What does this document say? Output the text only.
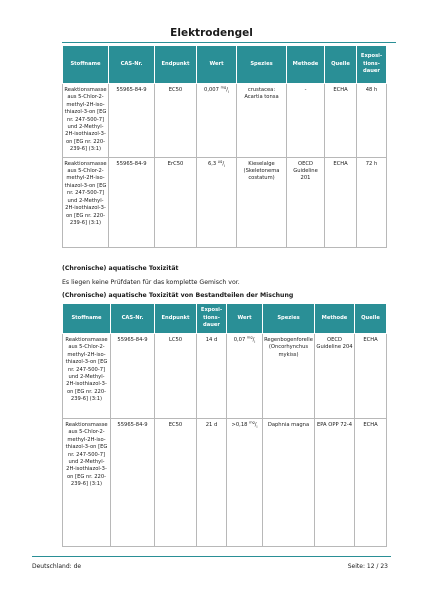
Elektrodengel
Stoffname	CAS-Nr.	Endpunkt	Wert	Spezies	Methode	Quelle	Exposi-tions-dauer
Reaktionsmasse aus 5-Chlor-2-methyl-2H-iso-thiazol-3-on [EG nr. 247-500-7] und 2-Methyl-2H-isothiazol-3-on [EG nr. 220-239-6] (3:1)	55965-84-9	EC50	0,007 $^{mg}/_l$	crustacea: Acartia tonsa	-	ECHA	48 h
Reaktionsmasse aus 5-Chlor-2-methyl-2H-iso-thiazol-3-on [EG nr. 247-500-7] und 2-Methyl-2H-isothiazol-3-on [EG nr. 220-239-6] (3:1)	55965-84-9	ErC50	6,3 $^{\mu g}/_l$	Kieselalge (Skeletonema costatum)	OECD Guideline 201	ECHA	72 h
(Chronische) aquatische Toxizität
Es liegen keine Prüfdaten für das komplette Gemisch vor.
(Chronische) aquatische Toxizität von Bestandteilen der Mischung
Stoffname	CAS-Nr.	Endpunkt	Exposi-tions-dauer	Wert	Spezies	Methode	Quelle
Reaktionsmasse aus 5-Chlor-2-methyl-2H-iso-thiazol-3-on [EG nr. 247-500-7] und 2-Methyl-2H-isothiazol-3-on [EG nr. 220-239-6] (3:1)	55965-84-9	LC50	14 d	0,07 $^{mg}/_l$	Regenbogenforelle (Oncorhynchus mykiss)	OECD Guideline 204	ECHA
Reaktionsmasse aus 5-Chlor-2-methyl-2H-iso-thiazol-3-on [EG nr. 247-500-7] und 2-Methyl-2H-isothiazol-3-on [EG nr. 220-239-6] (3:1)	55965-84-9	EC50	21 d	>0,18 $^{mg}/_l$	Daphnia magna	EPA OPP 72-4	ECHA
Deutschland: de	Seite: 12 / 23
